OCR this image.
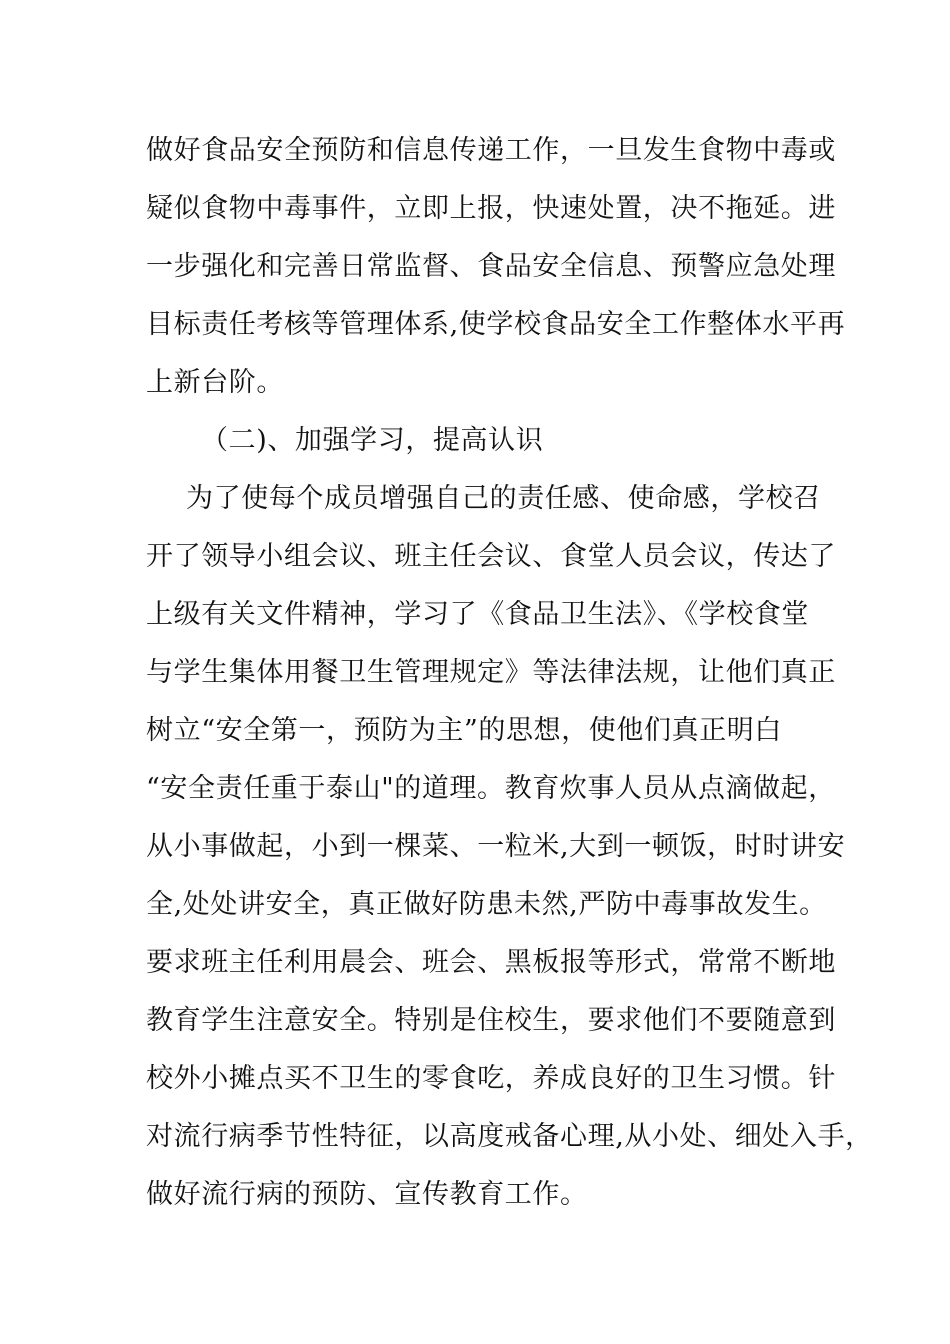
做好食品安全预防和信息传递工作，一旦发生食物中毒或
疑似食物中毒事件，立即上报，快速处置，决不拖延。进
一步强化和完善日常监督、食品安全信息、预警应急处理
目标责任考核等管理体系,使学校食品安全工作整体水平再
上新台阶。
（二)、加强学习，提高认识
为了使每个成员增强自己的责任感、使命感，学校召
开了领导小组会议、班主任会议、食堂人员会议，传达了
上级有关文件精神，学习了《食品卫生法》、《学校食堂
与学生集体用餐卫生管理规定》等法律法规，让他们真正
树立“安全第一，预防为主”的思想，使他们真正明白
“安全责任重于泰山"的道理。教育炊事人员从点滴做起，
从小事做起，小到一棵菜、一粒米,大到一顿饭，时时讲安
全,处处讲安全，真正做好防患未然,严防中毒事故发生。
要求班主任利用晨会、班会、黑板报等形式，常常不断地
教育学生注意安全。特别是住校生，要求他们不要随意到
校外小摊点买不卫生的零食吃，养成良好的卫生习惯。针
对流行病季节性特征，以高度戒备心理,从小处、细处入手，
做好流行病的预防、宣传教育工作。
